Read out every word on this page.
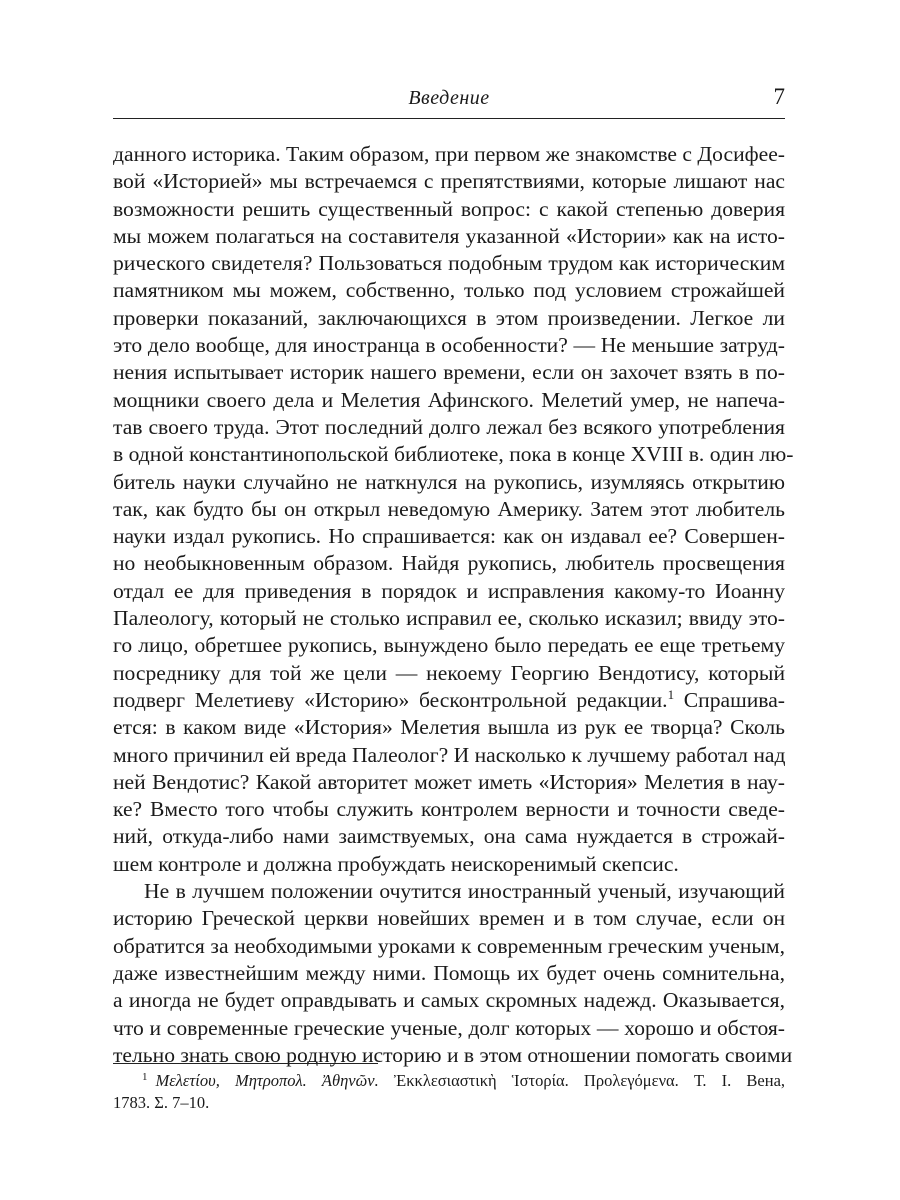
Введение	7
данного историка. Таким образом, при первом же знакомстве с Досифее-
вой «Историей» мы встречаемся с препятствиями, которые лишают нас
возможности решить существенный вопрос: с какой степенью доверия
мы можем полагаться на составителя указанной «Истории» как на исто-
рического свидетеля? Пользоваться подобным трудом как историческим
памятником мы можем, собственно, только под условием строжайшей
проверки показаний, заключающихся в этом произведении. Легкое ли
это дело вообще, для иностранца в особенности? — Не меньшие затруд-
нения испытывает историк нашего времени, если он захочет взять в по-
мощники своего дела и Мелетия Афинского. Мелетий умер, не напеча-
тав своего труда. Этот последний долго лежал без всякого употребления
в одной константинопольской библиотеке, пока в конце XVIII в. один лю-
битель науки случайно не наткнулся на рукопись, изумляясь открытию
так, как будто бы он открыл неведомую Америку. Затем этот любитель
науки издал рукопись. Но спрашивается: как он издавал ее? Совершен-
но необыкновенным образом. Найдя рукопись, любитель просвещения
отдал ее для приведения в порядок и исправления какому-то Иоанну
Палеологу, который не столько исправил ее, сколько исказил; ввиду это-
го лицо, обретшее рукопись, вынуждено было передать ее еще третьему
посреднику для той же цели — некоему Георгию Вендотису, который
подверг Мелетиеву «Историю» бесконтрольной редакции.$^1$ Спрашива-
ется: в каком виде «История» Мелетия вышла из рук ее творца? Сколь
много причинил ей вреда Палеолог? И насколько к лучшему работал над
ней Вендотис? Какой авторитет может иметь «История» Мелетия в нау-
ке? Вместо того чтобы служить контролем верности и точности сведе-
ний, откуда-либо нами заимствуемых, она сама нуждается в строжай-
шем контроле и должна пробуждать неискоренимый скепсис.
Не в лучшем положении очутится иностранный ученый, изучающий
историю Греческой церкви новейших времен и в том случае, если он
обратится за необходимыми уроками к современным греческим ученым,
даже известнейшим между ними. Помощь их будет очень сомнительна,
а иногда не будет оправдывать и самых скромных надежд. Оказывается,
что и современные греческие ученые, долг которых — хорошо и обстоя-
тельно знать свою родную историю и в этом отношении помогать своими
$^1$ Μελετίου, Μητροπολ. Ἀθηνῶν. Ἐκκλεσιαστικὴ Ἱστορία. Προλεγόμενα. Т. I. Вена,
1783. Σ. 7–10.
